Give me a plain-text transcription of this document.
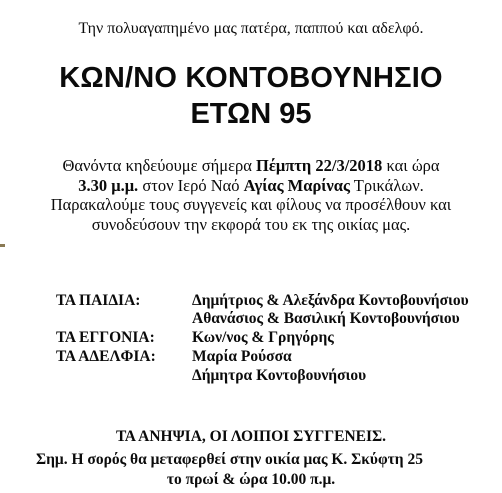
Την πολυαγαπημένο μας πατέρα, παππού και αδελφό.
ΚΩΝ/ΝΟ ΚΟΝΤΟΒΟΥΝΗΣΙΟ
ΕΤΩΝ 95
Θανόντα κηδεύουμε σήμερα Πέμπτη 22/3/2018 και ώρα
3.30 μ.μ. στον Ιερό Ναό Αγίας Μαρίνας Τρικάλων.
Παρακαλούμε τους συγγενείς και φίλους να προσέλθουν και
συνοδεύσουν την εκφορά του εκ της οικίας μας.
ΤΑ ΠΑΙΔΙΑ:	Δημήτριος & Αλεξάνδρα Κοντοβουνήσιου
Αθανάσιος & Βασιλική Κοντοβουνήσιου
ΤΑ ΕΓΓΟΝΙΑ: Κων/νος & Γρηγόρης
ΤΑ ΑΔΕΛΦΙΑ: Μαρία Ρούσσα
Δήμητρα Κοντοβουνήσιου
ΤΑ ΑΝΗΨΙΑ, ΟΙ ΛΟΙΠΟΙ ΣΥΓΓΕΝΕΙΣ.
Σημ. Η σορός θα μεταφερθεί στην οικία μας Κ. Σκύφτη 25
το πρωί & ώρα 10.00 π.μ.
